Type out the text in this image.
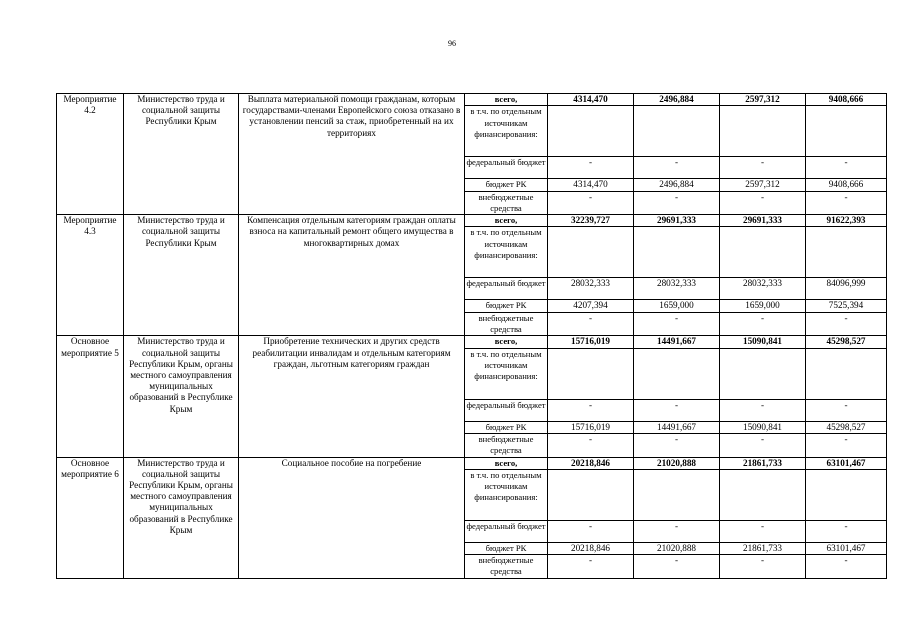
96
Мероприятие 4.2	Министерство труда и социальной защиты Республики Крым	Выплата материальной помощи гражданам, которым государствами-членами Европейского союза отказано в установлении пенсий за стаж, приобретенный на их территориях	всего,	4314,470	2496,884	2597,312	9408,666
			в т.ч. по отдельным источникам финансирования:				
			федеральный бюджет	-	-	-	-
			бюджет РК	4314,470	2496,884	2597,312	9408,666
			внебюджетные средства	-	-	-	-
Мероприятие 4.3	Министерство труда и социальной защиты Республики Крым	Компенсация отдельным категориям граждан оплаты взноса на капитальный ремонт общего имущества в многоквартирных домах	всего,	32239,727	29691,333	29691,333	91622,393
			в т.ч. по отдельным источникам финансирования:				
			федеральный бюджет	28032,333	28032,333	28032,333	84096,999
			бюджет РК	4207,394	1659,000	1659,000	7525,394
			внебюджетные средства	-	-	-	-
Основное мероприятие 5	Министерство труда и социальной защиты Республики Крым, органы местного самоуправления муниципальных образований в Республике Крым	Приобретение технических и других средств реабилитации инвалидам и отдельным категориям граждан, льготным категориям граждан	всего,	15716,019	14491,667	15090,841	45298,527
			в т.ч. по отдельным источникам финансирования:				
			федеральный бюджет	-	-	-	-
			бюджет РК	15716,019	14491,667	15090,841	45298,527
			внебюджетные средства	-	-	-	-
Основное мероприятие 6	Министерство труда и социальной защиты Республики Крым, органы местного самоуправления муниципальных образований в Республике Крым	Социальное пособие на погребение	всего,	20218,846	21020,888	21861,733	63101,467
			в т.ч. по отдельным источникам финансирования:				
			федеральный бюджет	-	-	-	-
			бюджет РК	20218,846	21020,888	21861,733	63101,467
			внебюджетные средства	-	-	-	-
